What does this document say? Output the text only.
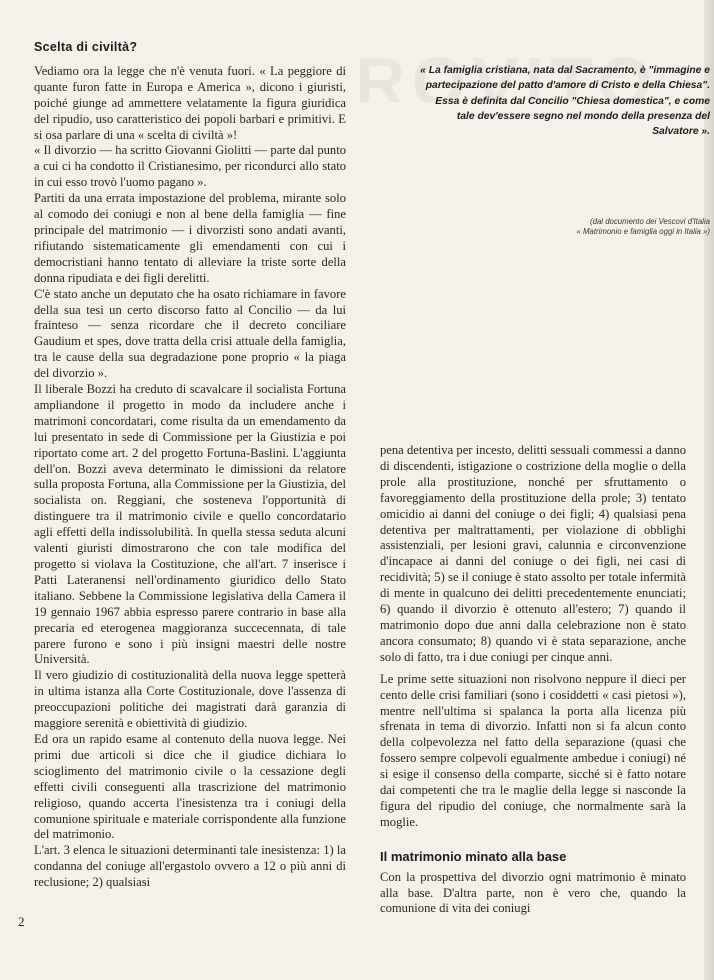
Scelta di civiltà?

Vediamo ora la legge che n'è venuta fuori. « La peggiore di quante furon fatte in Europa e America », dicono i giuristi, poiché giunge ad ammettere velatamente la figura giuridica del ripudio, uso caratteristico dei popoli barbari e primitivi. E si osa parlare di una « scelta di civiltà »!

« Il divorzio — ha scritto Giovanni Giolitti — parte dal punto a cui ci ha condotto il Cristianesimo, per ricondurci allo stato in cui esso trovò l'uomo pagano ».

Partiti da una errata impostazione del problema, mirante solo al comodo dei coniugi e non al bene della famiglia — fine principale del matrimonio — i divorzisti sono andati avanti, rifiutando sistematicamente gli emendamenti con cui i democristiani hanno tentato di alleviare la triste sorte della donna ripudiata e dei figli derelitti.

C'è stato anche un deputato che ha osato richiamare in favore della sua tesi un certo discorso fatto al Concilio — da lui frainteso — senza ricordare che il decreto conciliare Gaudium et spes, dove tratta della crisi attuale della famiglia, tra le cause della sua degradazione pone proprio « la piaga del divorzio ».

Il liberale Bozzi ha creduto di scavalcare il socialista Fortuna ampliandone il progetto in modo da includere anche i matrimoni concordatari, come risulta da un emendamento da lui presentato in sede di Commissione per la Giustizia e poi riportato come art. 2 del progetto Fortuna-Baslini. L'aggiunta dell'on. Bozzi aveva determinato le dimissioni da relatore sulla proposta Fortuna, alla Commissione per la Giustizia, del socialista on. Reggiani, che sosteneva l'opportunità di distinguere tra il matrimonio civile e quello concordatario agli effetti della indissolubilità. In quella stessa seduta alcuni valenti giuristi dimostrarono che con tale modifica del progetto si violava la Costituzione, che all'art. 7 inserisce i Patti Lateranensi nell'ordinamento giuridico dello Stato italiano. Sebbene la Commissione legislativa della Camera il 19 gennaio 1967 abbia espresso parere contrario in base alla precaria ed eterogenea maggioranza succecennata, di tale parere furono e sono i più insigni maestri delle nostre Università.

Il vero giudizio di costituzionalità della nuova legge spetterà in ultima istanza alla Corte Costituzionale, dove l'assenza di preoccupazioni politiche dei magistrati darà garanzia di maggiore serenità e obiettività di giudizio.

Ed ora un rapido esame al contenuto della nuova legge. Nei primi due articoli si dice che il giudice dichiara lo scioglimento del matrimonio civile o la cessazione degli effetti civili conseguenti alla trascrizione del matrimonio religioso, quando accerta l'inesistenza tra i coniugi della comunione spirituale e materiale corrispondente alla funzione del matrimonio.

L'art. 3 elenca le situazioni determinanti tale inesistenza: 1) la condanna del coniuge all'ergastolo ovvero a 12 o più anni di reclusione; 2) qualsiasi

« La famiglia cristiana, nata dal Sacramento, è "immagine e partecipazione del patto d'amore di Cristo e della Chiesa". Essa è definita dal Concilio "Chiesa domestica", e come tale dev'essere segno nel mondo della presenza del Salvatore ».
(dal documento dei Vescovi d'Italia
« Matrimonio e famiglia oggi in Italia »)

pena detentiva per incesto, delitti sessuali commessi a danno di discendenti, istigazione o costrizione della moglie o della prole alla prostituzione, nonché per sfruttamento o favoreggiamento della prostituzione della prole; 3) tentato omicidio ai danni del coniuge o dei figli; 4) qualsiasi pena detentiva per maltrattamenti, per violazione di obblighi assistenziali, per lesioni gravi, calunnia e circonvenzione d'incapace ai danni del coniuge o dei figli, nei casi di recidività; 5) se il coniuge è stato assolto per totale infermità di mente in qualcuno dei delitti precedentemente enunciati; 6) quando il divorzio è ottenuto all'estero; 7) quando il matrimonio dopo due anni dalla celebrazione non è stato ancora consumato; 8) quando vi è stata separazione, anche solo di fatto, tra i due coniugi per cinque anni.

Le prime sette situazioni non risolvono neppure il dieci per cento delle crisi familiari (sono i cosiddetti « casi pietosi »), mentre nell'ultima si spalanca la porta alla licenza più sfrenata in tema di divorzio. Infatti non si fa alcun conto della colpevolezza nel fatto della separazione (quasi che fossero sempre colpevoli egualmente ambedue i coniugi) né si esige il consenso della comparte, sicché si è fatto notare dai competenti che tra le maglie della legge si nasconde la figura del ripudio del coniuge, che normalmente sarà la moglie.

Il matrimonio minato alla base

Con la prospettiva del divorzio ogni matrimonio è minato alla base. D'altra parte, non è vero che, quando la comunione di vita dei coniugi

2
